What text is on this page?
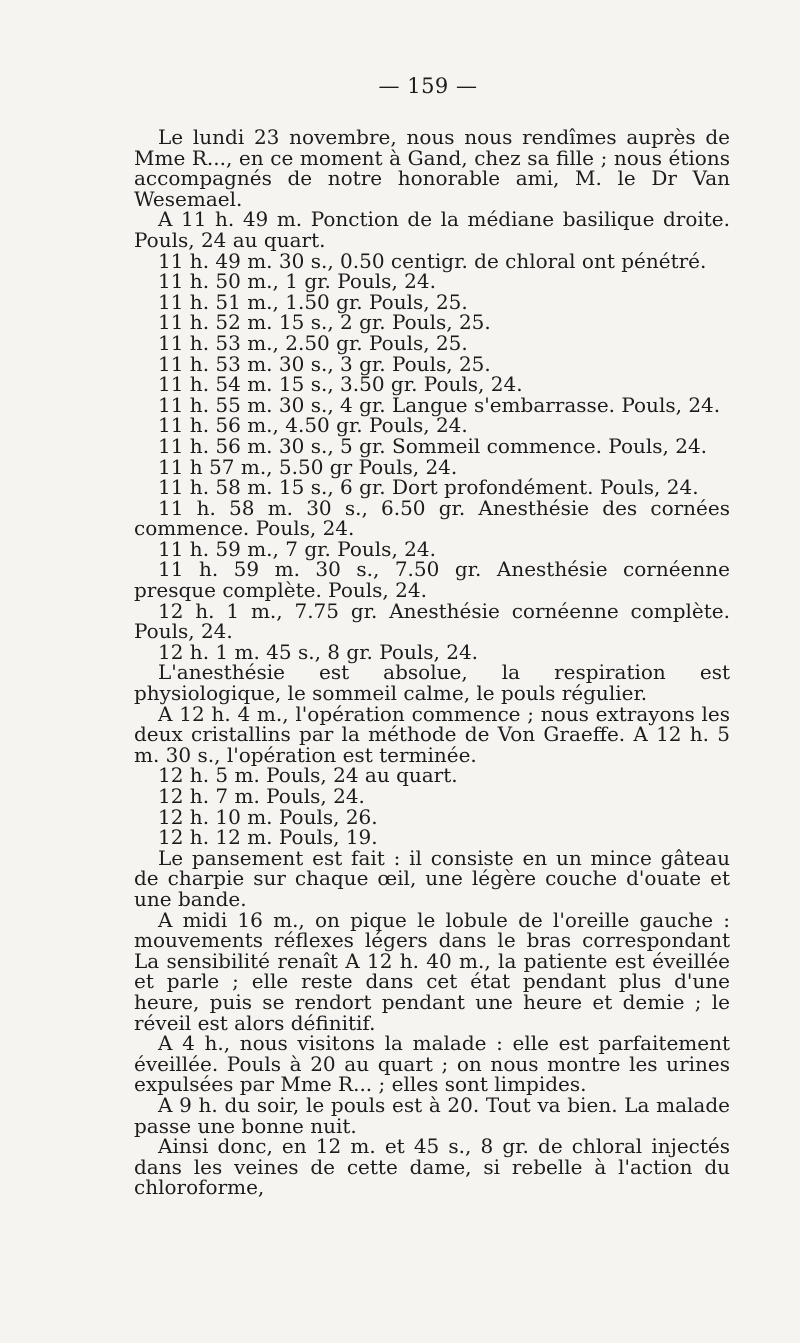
— 159 —

Le lundi 23 novembre, nous nous rendîmes auprès de Mme R..., en ce moment à Gand, chez sa fille ; nous étions accompagnés de notre honorable ami, M. le Dr Van Wesemael.

A 11 h. 49 m. Ponction de la médiane basilique droite. Pouls, 24 au quart.

11 h. 49 m. 30 s., 0.50 centigr. de chloral ont pénétré.

11 h. 50 m., 1 gr. Pouls, 24.

11 h. 51 m., 1.50 gr. Pouls, 25.

11 h. 52 m. 15 s., 2 gr. Pouls, 25.

11 h. 53 m., 2.50 gr. Pouls, 25.

11 h. 53 m. 30 s., 3 gr. Pouls, 25.

11 h. 54 m. 15 s., 3.50 gr. Pouls, 24.

11 h. 55 m. 30 s., 4 gr. Langue s'embarrasse. Pouls, 24.

11 h. 56 m., 4.50 gr. Pouls, 24.

11 h. 56 m. 30 s., 5 gr. Sommeil commence. Pouls, 24.

11 h 57 m., 5.50 gr Pouls, 24.

11 h. 58 m. 15 s., 6 gr. Dort profondément. Pouls, 24.

11 h. 58 m. 30 s., 6.50 gr. Anesthésie des cornées commence. Pouls, 24.

11 h. 59 m., 7 gr. Pouls, 24.

11 h. 59 m. 30 s., 7.50 gr. Anesthésie cornéenne presque complète. Pouls, 24.

12 h. 1 m., 7.75 gr. Anesthésie cornéenne complète. Pouls, 24.

12 h. 1 m. 45 s., 8 gr. Pouls, 24.

L'anesthésie est absolue, la respiration est physiologique, le sommeil calme, le pouls régulier.

A 12 h. 4 m., l'opération commence ; nous extrayons les deux cristallins par la méthode de Von Graeffe. A 12 h. 5 m. 30 s., l'opération est terminée.

12 h. 5 m. Pouls, 24 au quart.

12 h. 7 m. Pouls, 24.

12 h. 10 m. Pouls, 26.

12 h. 12 m. Pouls, 19.

Le pansement est fait : il consiste en un mince gâteau de charpie sur chaque œil, une légère couche d'ouate et une bande.

A midi 16 m., on pique le lobule de l'oreille gauche : mouvements réflexes légers dans le bras correspondant La sensibilité renaît A 12 h. 40 m., la patiente est éveillée et parle ; elle reste dans cet état pendant plus d'une heure, puis se rendort pendant une heure et demie ; le réveil est alors définitif.

A 4 h., nous visitons la malade : elle est parfaitement éveillée. Pouls à 20 au quart ; on nous montre les urines expulsées par Mme R... ; elles sont limpides.

A 9 h. du soir, le pouls est à 20. Tout va bien. La malade passe une bonne nuit.

Ainsi donc, en 12 m. et 45 s., 8 gr. de chloral injectés dans les veines de cette dame, si rebelle à l'action du chloroforme,
